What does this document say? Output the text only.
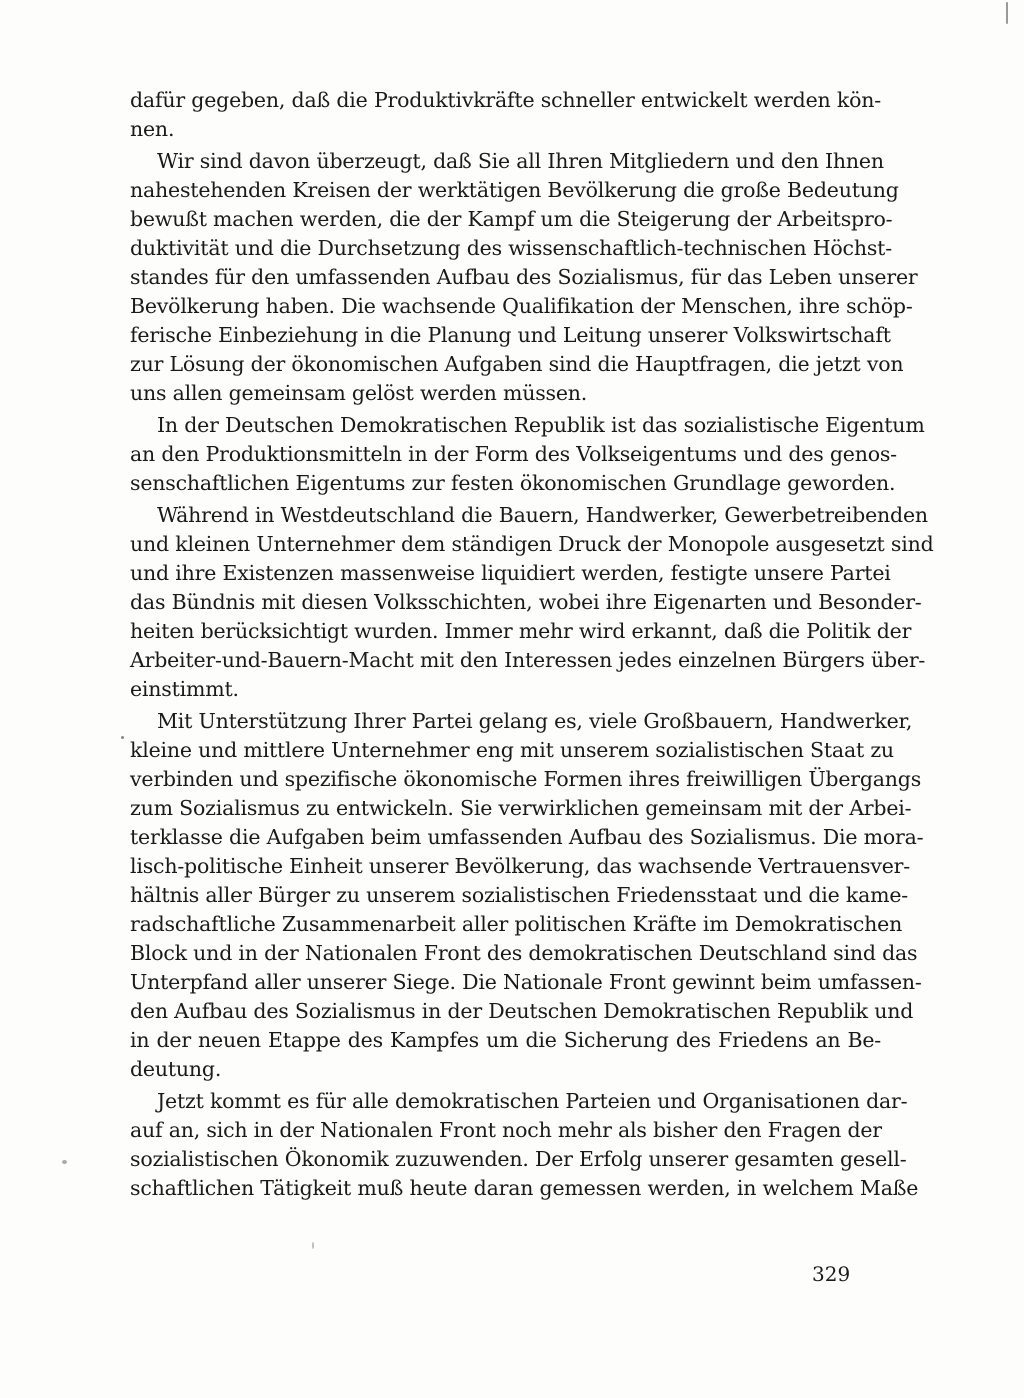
dafür gegeben, daß die Produktivkräfte schneller entwickelt werden kön-
nen.
Wir sind davon überzeugt, daß Sie all Ihren Mitgliedern und den Ihnen
nahestehenden Kreisen der werktätigen Bevölkerung die große Bedeutung
bewußt machen werden, die der Kampf um die Steigerung der Arbeitspro-
duktivität und die Durchsetzung des wissenschaftlich-technischen Höchst-
standes für den umfassenden Aufbau des Sozialismus, für das Leben unserer
Bevölkerung haben. Die wachsende Qualifikation der Menschen, ihre schöp-
ferische Einbeziehung in die Planung und Leitung unserer Volkswirtschaft
zur Lösung der ökonomischen Aufgaben sind die Hauptfragen, die jetzt von
uns allen gemeinsam gelöst werden müssen.
In der Deutschen Demokratischen Republik ist das sozialistische Eigentum
an den Produktionsmitteln in der Form des Volkseigentums und des genos-
senschaftlichen Eigentums zur festen ökonomischen Grundlage geworden.
Während in Westdeutschland die Bauern, Handwerker, Gewerbetreibenden
und kleinen Unternehmer dem ständigen Druck der Monopole ausgesetzt sind
und ihre Existenzen massenweise liquidiert werden, festigte unsere Partei
das Bündnis mit diesen Volksschichten, wobei ihre Eigenarten und Besonder-
heiten berücksichtigt wurden. Immer mehr wird erkannt, daß die Politik der
Arbeiter-und-Bauern-Macht mit den Interessen jedes einzelnen Bürgers über-
einstimmt.
Mit Unterstützung Ihrer Partei gelang es, viele Großbauern, Handwerker,
kleine und mittlere Unternehmer eng mit unserem sozialistischen Staat zu
verbinden und spezifische ökonomische Formen ihres freiwilligen Übergangs
zum Sozialismus zu entwickeln. Sie verwirklichen gemeinsam mit der Arbei-
terklasse die Aufgaben beim umfassenden Aufbau des Sozialismus. Die mora-
lisch-politische Einheit unserer Bevölkerung, das wachsende Vertrauensver-
hältnis aller Bürger zu unserem sozialistischen Friedensstaat und die kame-
radschaftliche Zusammenarbeit aller politischen Kräfte im Demokratischen
Block und in der Nationalen Front des demokratischen Deutschland sind das
Unterpfand aller unserer Siege. Die Nationale Front gewinnt beim umfassen-
den Aufbau des Sozialismus in der Deutschen Demokratischen Republik und
in der neuen Etappe des Kampfes um die Sicherung des Friedens an Be-
deutung.
Jetzt kommt es für alle demokratischen Parteien und Organisationen dar-
auf an, sich in der Nationalen Front noch mehr als bisher den Fragen der
sozialistischen Ökonomik zuzuwenden. Der Erfolg unserer gesamten gesell-
schaftlichen Tätigkeit muß heute daran gemessen werden, in welchem Maße
329
